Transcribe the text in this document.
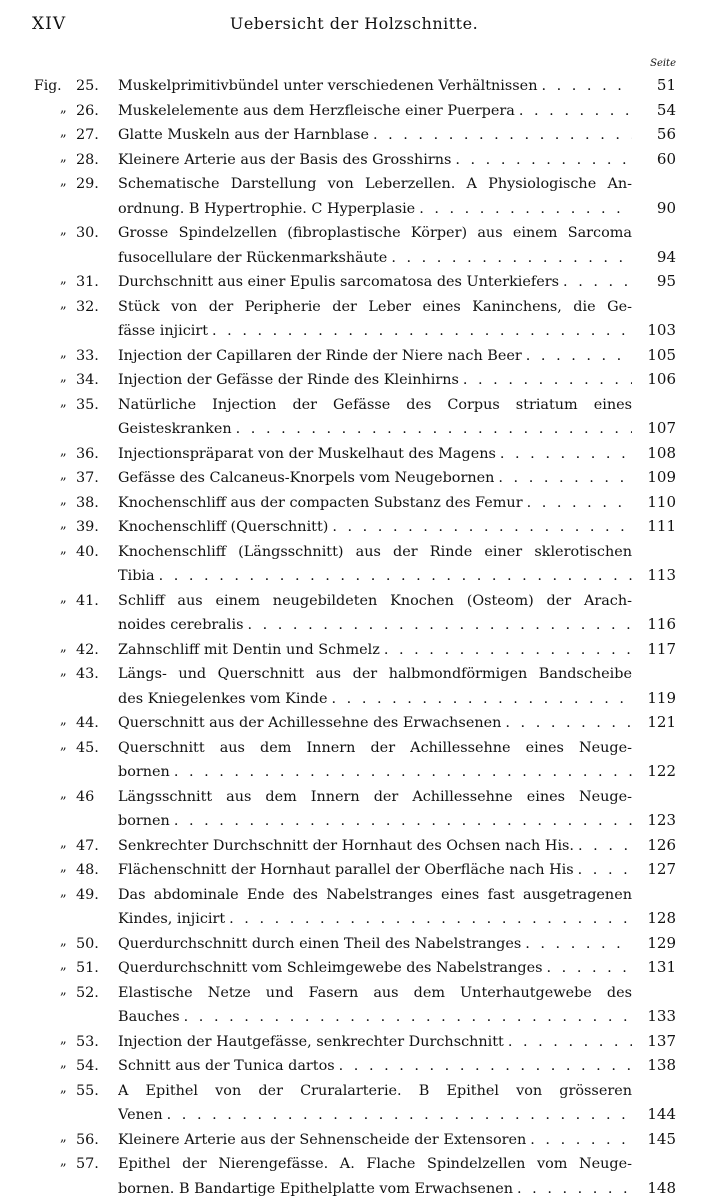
XIV	Uebersicht der Holzschnitte.
Seite
Fig. 25.	Muskelprimitivbündel unter verschiedenen Verhältnissen . . .	51
„ 26.	Muskelelemente aus dem Herzfleische einer Puerpera . . .	54
„ 27.	Glatte Muskeln aus der Harnblase . . .	56
„ 28.	Kleinere Arterie aus der Basis des Grosshirns . . .	60
„ 29.	Schematische Darstellung von Leberzellen. A Physiologische An-
ordnung. B Hypertrophie. C Hyperplasie . . .	90
„ 30.	Grosse Spindelzellen (fibroplastische Körper) aus einem Sarcoma
fusocellulare der Rückenmarkshäute . . .	94
„ 31.	Durchschnitt aus einer Epulis sarcomatosa des Unterkiefers . . .	95
„ 32.	Stück von der Peripherie der Leber eines Kaninchens, die Ge-
fässe injicirt . . .	103
„ 33.	Injection der Capillaren der Rinde der Niere nach Beer . . .	105
„ 34.	Injection der Gefässe der Rinde des Kleinhirns . . .	106
„ 35.	Natürliche Injection der Gefässe des Corpus striatum eines
Geisteskranken . . .	107
„ 36.	Injectionspräparat von der Muskelhaut des Magens . . .	108
„ 37.	Gefässe des Calcaneus-Knorpels vom Neugebornen . . .	109
„ 38.	Knochenschliff aus der compacten Substanz des Femur . . .	110
„ 39.	Knochenschliff (Querschnitt) . . .	111
„ 40.	Knochenschliff (Längsschnitt) aus der Rinde einer sklerotischen
Tibia . . .	113
„ 41.	Schliff aus einem neugebildeten Knochen (Osteom) der Arach-
noides cerebralis . . .	116
„ 42.	Zahnschliff mit Dentin und Schmelz . . .	117
„ 43.	Längs- und Querschnitt aus der halbmondförmigen Bandscheibe
des Kniegelenkes vom Kinde . . .	119
„ 44.	Querschnitt aus der Achillessehne des Erwachsenen . . .	121
„ 45.	Querschnitt aus dem Innern der Achillessehne eines Neuge-
bornen . . .	122
„ 46	Längsschnitt aus dem Innern der Achillessehne eines Neuge-
bornen . . .	123
„ 47.	Senkrechter Durchschnitt der Hornhaut des Ochsen nach His. . . .	126
„ 48.	Flächenschnitt der Hornhaut parallel der Oberfläche nach His . . .	127
„ 49.	Das abdominale Ende des Nabelstranges eines fast ausgetragenen
Kindes, injicirt . . .	128
„ 50.	Querdurchschnitt durch einen Theil des Nabelstranges . . .	129
„ 51.	Querdurchschnitt vom Schleimgewebe des Nabelstranges . . .	131
„ 52.	Elastische Netze und Fasern aus dem Unterhautgewebe des
Bauches . . .	133
„ 53.	Injection der Hautgefässe, senkrechter Durchschnitt . . .	137
„ 54.	Schnitt aus der Tunica dartos . . .	138
„ 55.	A Epithel von der Cruralarterie. B Epithel von grösseren
Venen . . .	144
„ 56.	Kleinere Arterie aus der Sehnenscheide der Extensoren . . .	145
„ 57.	Epithel der Nierengefässe. A. Flache Spindelzellen vom Neuge-
bornen. B Bandartige Epithelplatte vom Erwachsenen . . .	148
